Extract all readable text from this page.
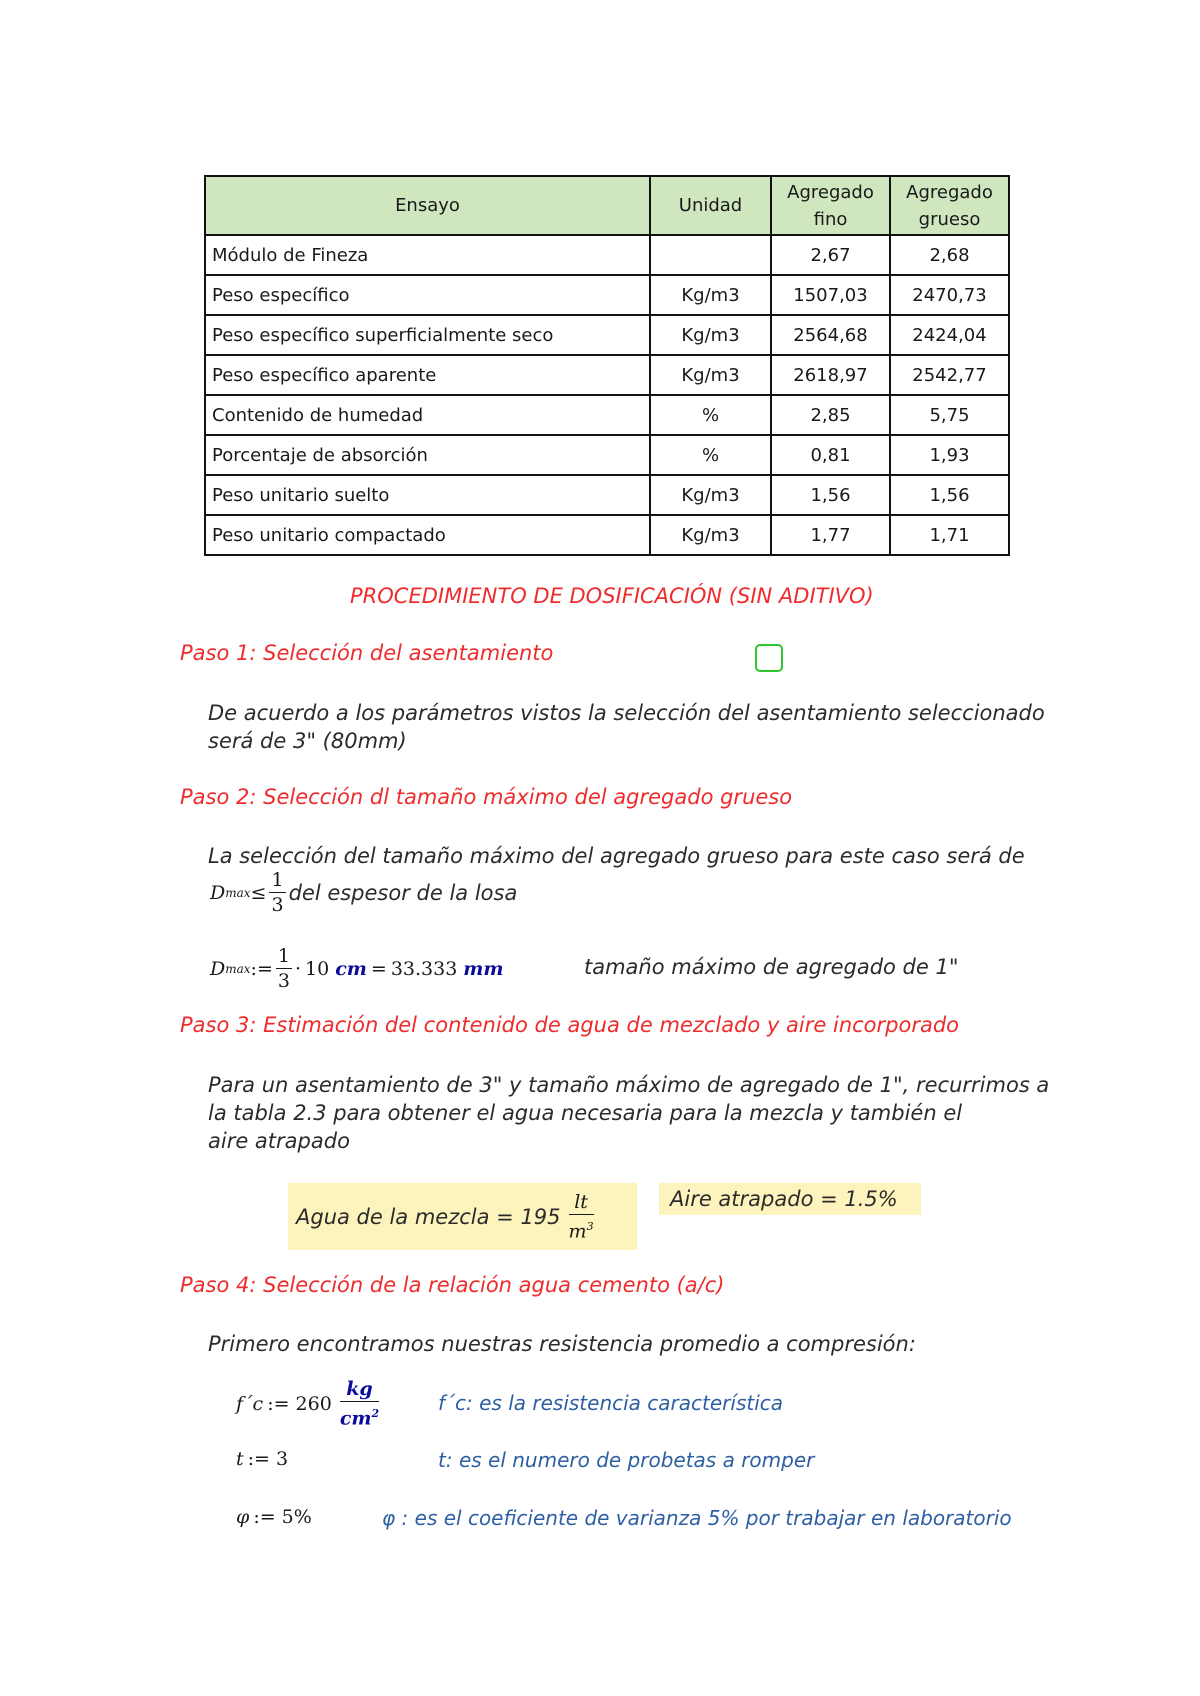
Ensayo	Unidad	Agregado fino	Agregado grueso
Módulo de Fineza		2,67	2,68
Peso específico	Kg/m3	1507,03	2470,73
Peso específico superficialmente seco	Kg/m3	2564,68	2424,04
Peso específico aparente	Kg/m3	2618,97	2542,77
Contenido de humedad	%	2,85	5,75
Porcentaje de absorción	%	0,81	1,93
Peso unitario suelto	Kg/m3	1,56	1,56
Peso unitario compactado	Kg/m3	1,77	1,71
PROCEDIMIENTO DE DOSIFICACIÓN (SIN ADITIVO)
Paso 1: Selección del asentamiento
De acuerdo a los parámetros vistos la selección del asentamiento seleccionado
será de 3" (80mm)
Paso 2: Selección dl tamaño máximo del agregado grueso
La selección del tamaño máximo del agregado grueso para este caso será de
D $\max \le \frac{1}{3}$ del espesor de la losa
D max := $\frac{1}{3} \cdot 10$ cm = 33.333 mm	tamaño máximo de agregado de 1"
Paso 3: Estimación del contenido de agua de mezclado y aire incorporado
Para un asentamiento de 3" y tamaño máximo de agregado de 1", recurrimos a
la tabla 2.3 para obtener el agua necesaria para la mezcla y también el
aire atrapado
Agua de la mezcla = $195 \frac{lt}{m^3}$	Aire atrapado = 1.5%
Paso 4: Selección de la relación agua cemento (a/c)
Primero encontramos nuestras resistencia promedio a compresión:
f´c := $260 \frac{kg}{cm^2}$	f´c: es la resistencia característica
t := 3	t: es el numero de probetas a romper
φ := 5%	φ : es el coeficiente de varianza 5% por trabajar en laboratorio
